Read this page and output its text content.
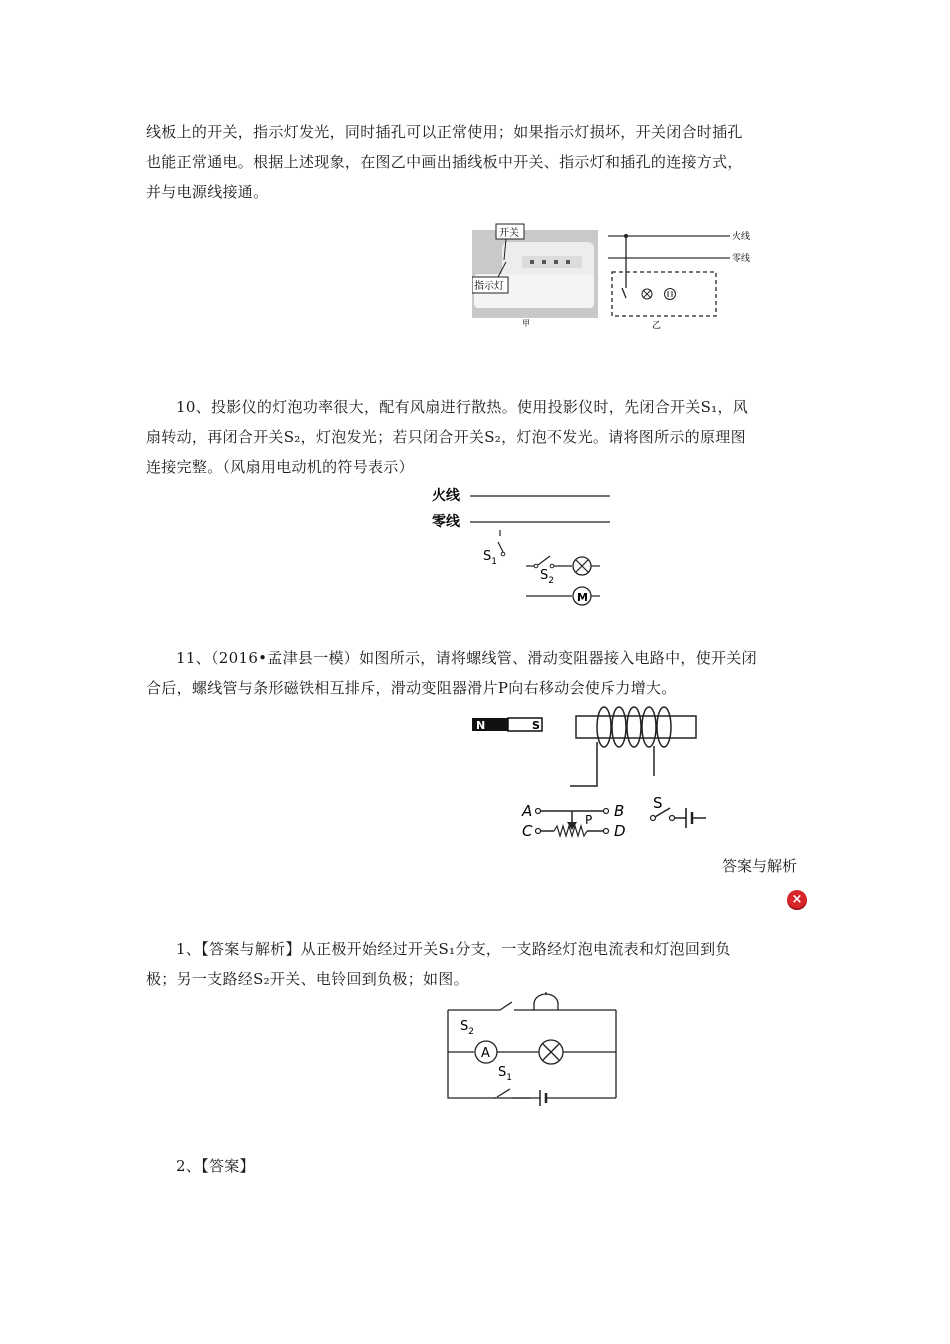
线板上的开关，指示灯发光，同时插孔可以正常使用；如果指示灯损坏，开关闭合时插孔
也能正常通电。根据上述现象，在图乙中画出插线板中开关、指示灯和插孔的连接方式，
并与电源线接通。
开关
指示灯
甲
火线
零线
乙
10、投影仪的灯泡功率很大，配有风扇进行散热。使用投影仪时，先闭合开关S₁，风
扇转动，再闭合开关S₂，灯泡发光；若只闭合开关S₂，灯泡不发光。请将图所示的原理图
连接完整。（风扇用电动机的符号表示）
火线
零线
$S_1$
$S_2$
M
11、（2016•孟津县一模）如图所示，请将螺线管、滑动变阻器接入电路中，使开关闭
合后，螺线管与条形磁铁相互排斥，滑动变阻器滑片P向右移动会使斥力增大。
N	S
A	B
P
C	D
S
答案与解析
×
1、【答案与解析】从正极开始经过开关S₁分支，一支路经灯泡电流表和灯泡回到负
极；另一支路经S₂开关、电铃回到负极；如图。
$S_2$
A
$S_1$
2、【答案】
